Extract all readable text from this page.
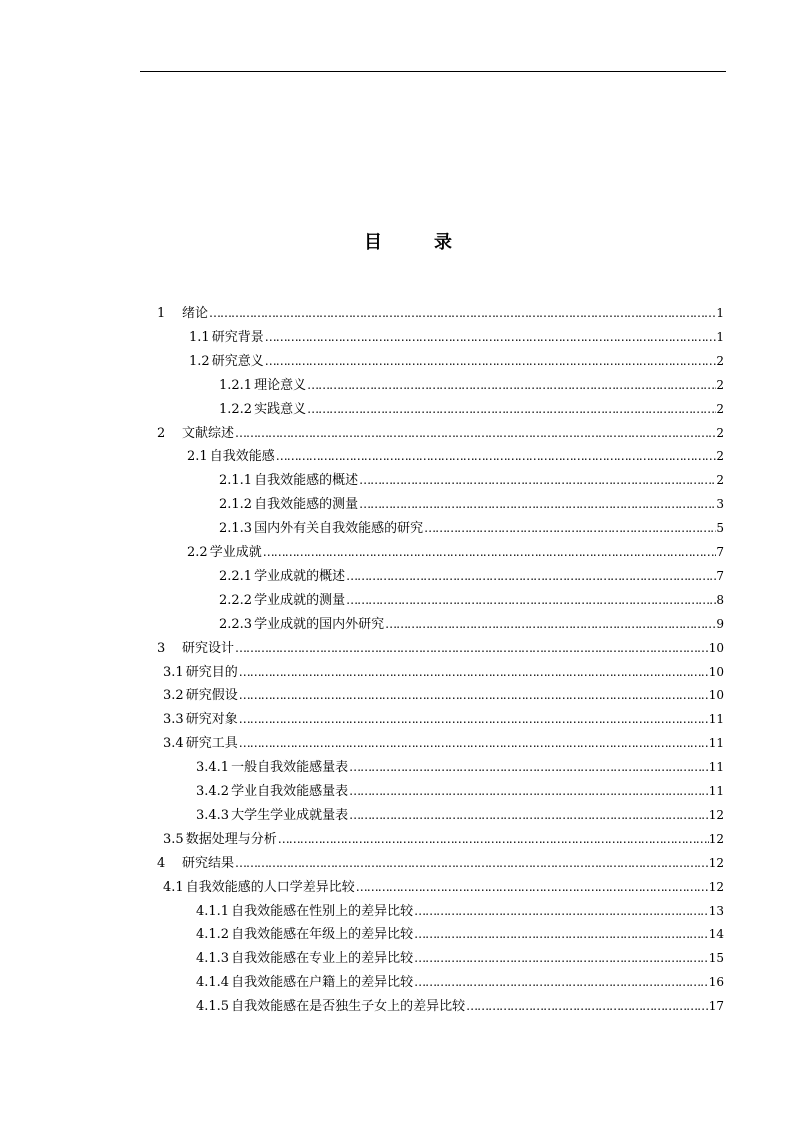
目录
1	绪论 …………………………………………………………………………………………………………………………………………………………………………………………………………………………………………………………	1
1.1 研究背景 …………………………………………………………………………………………………………………………………………………………………………………………………………………………………………………………	1
1.2 研究意义 …………………………………………………………………………………………………………………………………………………………………………………………………………………………………………………………	2
1.2.1 理论意义 …………………………………………………………………………………………………………………………………………………………………………………………………………………………………………………………	2
1.2.2 实践意义 …………………………………………………………………………………………………………………………………………………………………………………………………………………………………………………………	2
2	文献综述 …………………………………………………………………………………………………………………………………………………………………………………………………………………………………………………………	2
2.1 自我效能感 …………………………………………………………………………………………………………………………………………………………………………………………………………………………………………………………	2
2.1.1 自我效能感的概述 …………………………………………………………………………………………………………………………………………………………………………………………………………………………………………………………	2
2.1.2 自我效能感的测量 …………………………………………………………………………………………………………………………………………………………………………………………………………………………………………………………	3
2.1.3 国内外有关自我效能感的研究 …………………………………………………………………………………………………………………………………………………………………………………………………………………………………………………………	5
2.2 学业成就 …………………………………………………………………………………………………………………………………………………………………………………………………………………………………………………………	7
2.2.1 学业成就的概述 …………………………………………………………………………………………………………………………………………………………………………………………………………………………………………………………	7
2.2.2 学业成就的测量 …………………………………………………………………………………………………………………………………………………………………………………………………………………………………………………………	8
2.2.3 学业成就的国内外研究 …………………………………………………………………………………………………………………………………………………………………………………………………………………………………………………………	9
3	研究设计 …………………………………………………………………………………………………………………………………………………………………………………………………………………………………………………………	10
3.1 研究目的 …………………………………………………………………………………………………………………………………………………………………………………………………………………………………………………………	10
3.2 研究假设 …………………………………………………………………………………………………………………………………………………………………………………………………………………………………………………………	10
3.3 研究对象 …………………………………………………………………………………………………………………………………………………………………………………………………………………………………………………………	11
3.4 研究工具 …………………………………………………………………………………………………………………………………………………………………………………………………………………………………………………………	11
3.4.1 一般自我效能感量表 …………………………………………………………………………………………………………………………………………………………………………………………………………………………………………………………	11
3.4.2 学业自我效能感量表 …………………………………………………………………………………………………………………………………………………………………………………………………………………………………………………………	11
3.4.3 大学生学业成就量表 …………………………………………………………………………………………………………………………………………………………………………………………………………………………………………………………	12
3.5 数据处理与分析 …………………………………………………………………………………………………………………………………………………………………………………………………………………………………………………………	12
4	研究结果 …………………………………………………………………………………………………………………………………………………………………………………………………………………………………………………………	12
4.1 自我效能感的人口学差异比较 …………………………………………………………………………………………………………………………………………………………………………………………………………………………………………………………	12
4.1.1 自我效能感在性别上的差异比较 …………………………………………………………………………………………………………………………………………………………………………………………………………………………………………………………	13
4.1.2 自我效能感在年级上的差异比较 …………………………………………………………………………………………………………………………………………………………………………………………………………………………………………………………	14
4.1.3 自我效能感在专业上的差异比较 …………………………………………………………………………………………………………………………………………………………………………………………………………………………………………………………	15
4.1.4 自我效能感在户籍上的差异比较 …………………………………………………………………………………………………………………………………………………………………………………………………………………………………………………………	16
4.1.5 自我效能感在是否独生子女上的差异比较 …………………………………………………………………………………………………………………………………………………………………………………………………………………………………………………………	17
